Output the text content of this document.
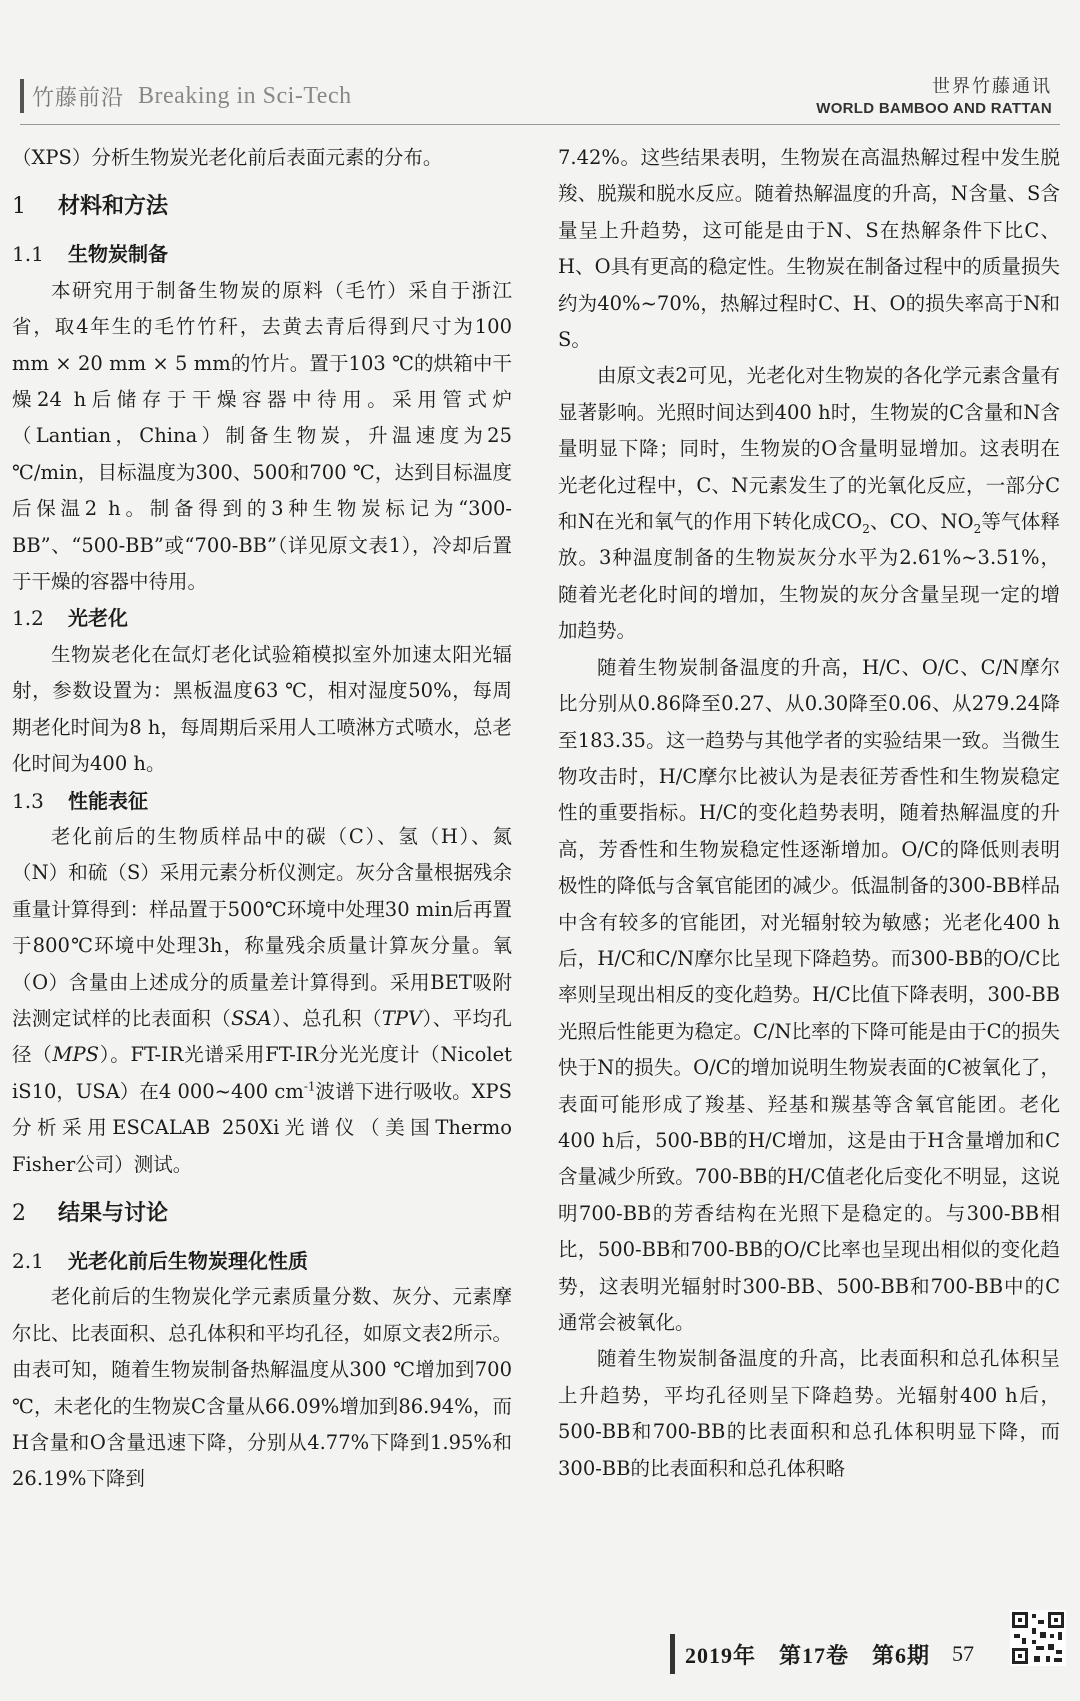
竹藤前沿 Breaking in Sci-Tech	世界竹藤通讯
WORLD BAMBOO AND RATTAN

（XPS）分析生物炭光老化前后表面元素的分布。

1 材料和方法
1.1 生物炭制备

本研究用于制备生物炭的原料（毛竹）采自于浙江省，取4年生的毛竹竹秆，去黄去青后得到尺寸为100 mm × 20 mm × 5 mm的竹片。置于103 ℃的烘箱中干燥24 h后储存于干燥容器中待用。采用管式炉（Lantian，China）制备生物炭，升温速度为25 ℃/min，目标温度为300、500和700 ℃，达到目标温度后保温2 h。制备得到的3种生物炭标记为“300-BB”、“500-BB”或“700-BB”（详见原文表1），冷却后置于干燥的容器中待用。

1.2 光老化

生物炭老化在氙灯老化试验箱模拟室外加速太阳光辐射，参数设置为：黑板温度63 ℃，相对湿度50%，每周期老化时间为8 h，每周期后采用人工喷淋方式喷水，总老化时间为400 h。

1.3 性能表征

老化前后的生物质样品中的碳（C）、氢（H）、氮（N）和硫（S）采用元素分析仪测定。灰分含量根据残余重量计算得到：样品置于500℃环境中处理30 min后再置于800℃环境中处理3h，称量残余质量计算灰分量。氧（O）含量由上述成分的质量差计算得到。采用BET吸附法测定试样的比表面积（SSA）、总孔积（TPV）、平均孔径（MPS）。FT-IR光谱采用FT-IR分光光度计（Nicolet iS10，USA）在4 000~400 $cm^{-1}$波谱下进行吸收。XPS分析采用ESCALAB 250Xi光谱仪（美国Thermo Fisher公司）测试。

2 结果与讨论
2.1 光老化前后生物炭理化性质

老化前后的生物炭化学元素质量分数、灰分、元素摩尔比、比表面积、总孔体积和平均孔径，如原文表2所示。由表可知，随着生物炭制备热解温度从300 ℃增加到700 ℃，未老化的生物炭C含量从66.09%增加到86.94%，而H含量和O含量迅速下降，分别从4.77%下降到1.95%和26.19%下降到

7.42%。这些结果表明，生物炭在高温热解过程中发生脱羧、脱羰和脱水反应。随着热解温度的升高，N含量、S含量呈上升趋势，这可能是由于N、S在热解条件下比C、H、O具有更高的稳定性。生物炭在制备过程中的质量损失约为40%~70%，热解过程时C、H、O的损失率高于N和S。

由原文表2可见，光老化对生物炭的各化学元素含量有显著影响。光照时间达到400 h时，生物炭的C含量和N含量明显下降；同时，生物炭的O含量明显增加。这表明在光老化过程中，C、N元素发生了的光氧化反应，一部分C和N在光和氧气的作用下转化成$CO_2$、CO、$NO_2$等气体释放。3种温度制备的生物炭灰分水平为2.61%~3.51%，随着光老化时间的增加，生物炭的灰分含量呈现一定的增加趋势。

随着生物炭制备温度的升高，H/C、O/C、C/N摩尔比分别从0.86降至0.27、从0.30降至0.06、从279.24降至183.35。这一趋势与其他学者的实验结果一致。当微生物攻击时，H/C摩尔比被认为是表征芳香性和生物炭稳定性的重要指标。H/C的变化趋势表明，随着热解温度的升高，芳香性和生物炭稳定性逐渐增加。O/C的降低则表明极性的降低与含氧官能团的减少。低温制备的300-BB样品中含有较多的官能团，对光辐射较为敏感；光老化400 h后，H/C和C/N摩尔比呈现下降趋势。而300-BB的O/C比率则呈现出相反的变化趋势。H/C比值下降表明，300-BB光照后性能更为稳定。C/N比率的下降可能是由于C的损失快于N的损失。O/C的增加说明生物炭表面的C被氧化了，表面可能形成了羧基、羟基和羰基等含氧官能团。老化400 h后，500-BB的H/C增加，这是由于H含量增加和C含量减少所致。700-BB的H/C值老化后变化不明显，这说明700-BB的芳香结构在光照下是稳定的。与300-BB相比，500-BB和700-BB的O/C比率也呈现出相似的变化趋势，这表明光辐射时300-BB、500-BB和700-BB中的C通常会被氧化。

随着生物炭制备温度的升高，比表面积和总孔体积呈上升趋势，平均孔径则呈下降趋势。光辐射400 h后，500-BB和700-BB的比表面积和总孔体积明显下降，而300-BB的比表面积和总孔体积略

2019年　第17卷　第6期 57
